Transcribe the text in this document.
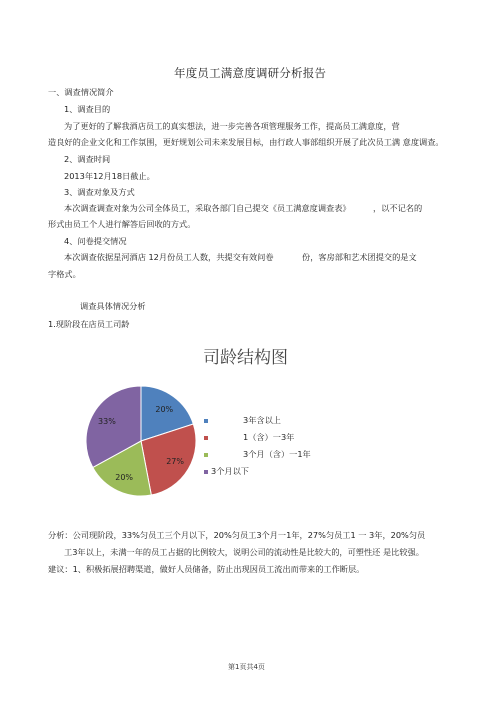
年度员工满意度调研分析报告
一、调查情况简介
1、调查目的
为了更好的了解我酒店员工的真实想法，进一步完善各项管理服务工作，提高员工满意度，营
造良好的企业文化和工作氛围，更好规划公司未来发展目标，由行政人事部组织开展了此次员工满 意度调查。
2、调查时间
2013年12月18日截止。
3、调查对象及方式
本次调查调查对象为公司全体员工，采取各部门自己提交《员工满意度调查表》	，以不记名的
形式由员工个人进行解答后回收的方式。
4、问卷提交情况
本次调查依据星河酒店 12月份员工人数，共提交有效问卷	份，客房部和艺术团提交的是文
字格式。
调查具体情况分析
1.现阶段在店员工司龄
司龄结构图
20%
27%
20%
33%	3年含以上
1（含）一3年
3个月（含）一1年
3个月以下
分析：公司现阶段，33%匀员工三个月以下，20%匀员工3个月一1年，27%匀员工1 一 3年，20%匀员
工3年以上，未满一年的员工占据的比例较大，说明公司的流动性是比较大的，可塑性还 是比较强。
建议：1、积极拓展招聘渠道，做好人员储备，防止出现因员工流出而带来的工作断层。
第1页共4页
